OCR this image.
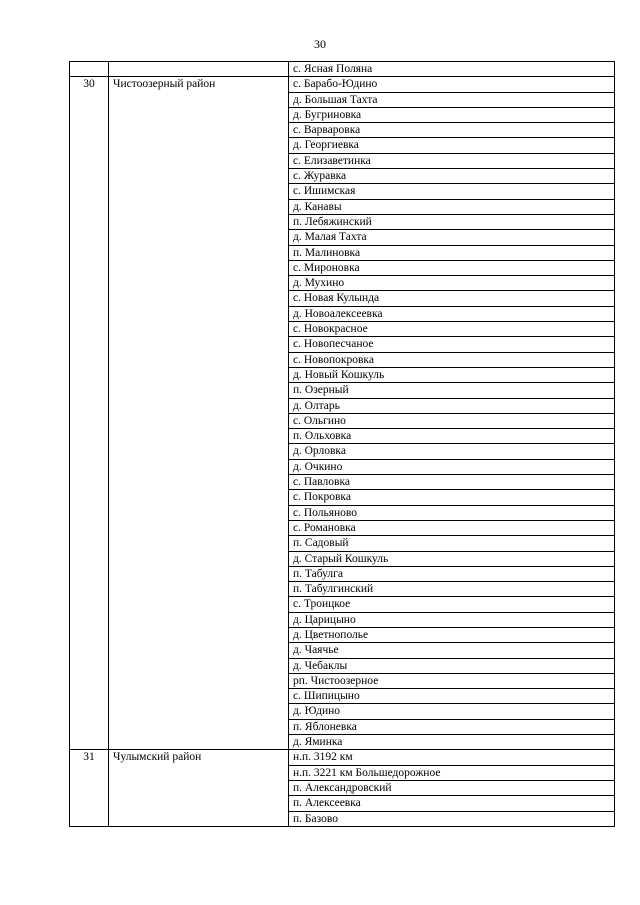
30
		с. Ясная Поляна
30	Чистоозерный район	с. Барабо-Юдино
		д. Большая Тахта
		д. Бугриновка
		с. Варваровка
		д. Георгиевка
		с. Елизаветинка
		с. Журавка
		с. Ишимская
		д. Канавы
		п. Лебяжинский
		д. Малая Тахта
		п. Малиновка
		с. Мироновка
		д. Мухино
		с. Новая Кулында
		д. Новоалексеевка
		с. Новокрасное
		с. Новопесчаное
		с. Новопокровка
		д. Новый Кошкуль
		п. Озерный
		д. Олтарь
		с. Ольгино
		п. Ольховка
		д. Орловка
		д. Очкино
		с. Павловка
		с. Покровка
		с. Польяново
		с. Романовка
		п. Садовый
		д. Старый Кошкуль
		п. Табулга
		п. Табулгинский
		с. Троицкое
		д. Царицыно
		д. Цветнополье
		д. Чаячье
		д. Чебаклы
		рп. Чистоозерное
		с. Шипицыно
		д. Юдино
		п. Яблоневка
		д. Яминка
31	Чулымский район	н.п. 3192 км
		н.п. 3221 км Большедорожное
		п. Александровский
		п. Алексеевка
		п. Базово
